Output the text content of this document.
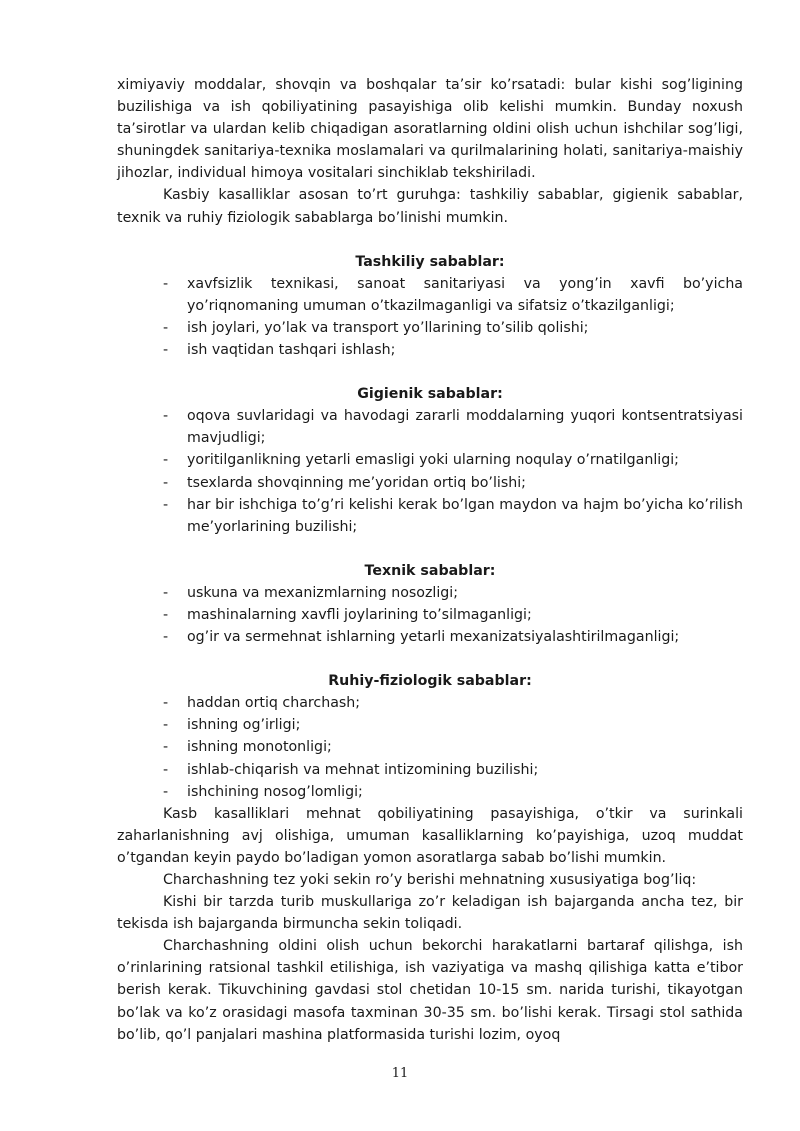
ximiyaviy moddalar, shovqin va boshqalar ta’sir ko’rsatadi: bular kishi sog’ligining buzilishiga va ish qobiliyatining pasayishiga olib kelishi mumkin. Bunday noxush ta’sirotlar va ulardan kelib chiqadigan asoratlarning oldini olish uchun ishchilar sog’ligi, shuningdek sanitariya-texnika moslamalari va qurilmalarining holati, sanitariya-maishiy jihozlar, individual himoya vositalari sinchiklab tekshiriladi.

Kasbiy kasalliklar asosan to’rt guruhga: tashkiliy sabablar, gigienik sabablar, texnik va ruhiy fiziologik sabablarga bo’linishi mumkin.

Tashkiliy sabablar:
- xavfsizlik texnikasi, sanoat sanitariyasi va yong’in xavfi bo’yicha yo’riqnomaning umuman o’tkazilmaganligi va sifatsiz o’tkazilganligi;
- ish joylari, yo’lak va transport yo’llarining to’silib qolishi;
- ish vaqtidan tashqari ishlash;
Gigienik sabablar:
- oqova suvlaridagi va havodagi zararli moddalarning yuqori kontsentratsiyasi mavjudligi;
- yoritilganlikning yetarli emasligi yoki ularning noqulay o’rnatilganligi;
- tsexlarda shovqinning me’yoridan ortiq bo’lishi;
- har bir ishchiga to’g’ri kelishi kerak bo’lgan maydon va hajm bo’yicha ko’rilish me’yorlarining buzilishi;
Texnik sabablar:
- uskuna va mexanizmlarning nosozligi;
- mashinalarning xavfli joylarining to’silmaganligi;
- og’ir va sermehnat ishlarning yetarli mexanizatsiyalashtirilmaganligi;
Ruhiy-fiziologik sabablar:
- haddan ortiq charchash;
- ishning og’irligi;
- ishning monotonligi;
- ishlab-chiqarish va mehnat intizomining buzilishi;
- ishchining nosog’lomligi;

Kasb kasalliklari mehnat qobiliyatining pasayishiga, o’tkir va surinkali zaharlanishning avj olishiga, umuman kasalliklarning ko’payishiga, uzoq muddat o’tgandan keyin paydo bo’ladigan yomon asoratlarga sabab bo’lishi mumkin.

Charchashning tez yoki sekin ro’y berishi mehnatning xususiyatiga bog’liq:

Kishi bir tarzda turib muskullariga zo’r keladigan ish bajarganda ancha tez, bir tekisda ish bajarganda birmuncha sekin toliqadi.

Charchashning oldini olish uchun bekorchi harakatlarni bartaraf qilishga, ish o’rinlarining ratsional tashkil etilishiga, ish vaziyatiga va mashq qilishiga katta e’tibor berish kerak. Tikuvchining gavdasi stol chetidan 10-15 sm. narida turishi, tikayotgan bo’lak va ko’z orasidagi masofa taxminan 30-35 sm. bo’lishi kerak. Tirsagi stol sathida bo’lib, qo’l panjalari mashina platformasida turishi lozim, oyoq

11
